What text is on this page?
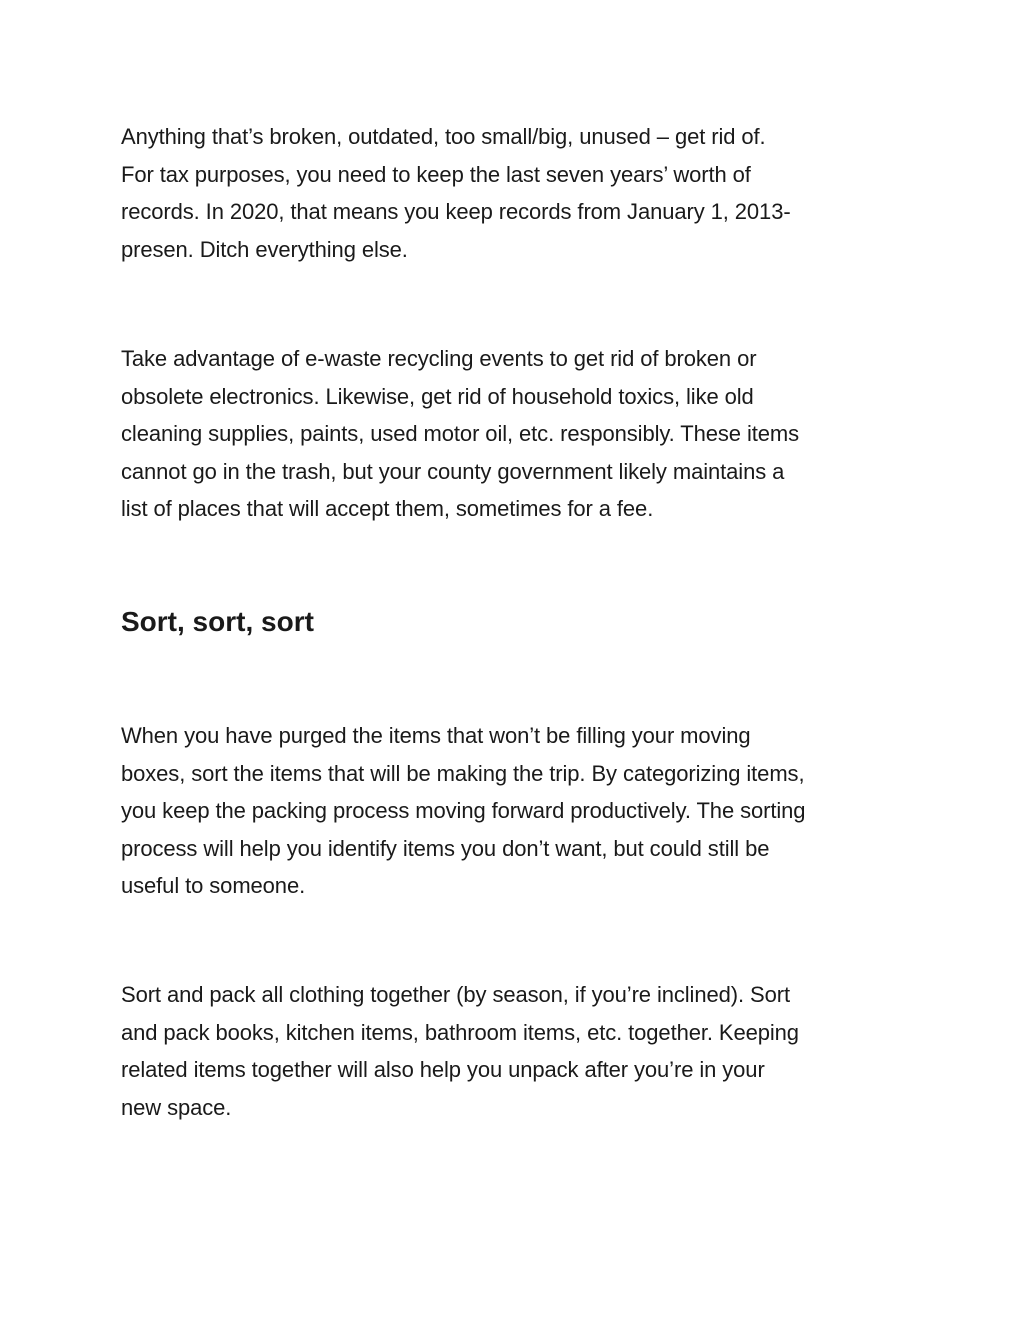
Anything that’s broken, outdated, too small/big, unused – get rid of.
For tax purposes, you need to keep the last seven years’ worth of
records. In 2020, that means you keep records from January 1, 2013-
presen. Ditch everything else.

Take advantage of e-waste recycling events to get rid of broken or
obsolete electronics. Likewise, get rid of household toxics, like old
cleaning supplies, paints, used motor oil, etc. responsibly. These items
cannot go in the trash, but your county government likely maintains a
list of places that will accept them, sometimes for a fee.

Sort, sort, sort

When you have purged the items that won’t be filling your moving
boxes, sort the items that will be making the trip. By categorizing items,
you keep the packing process moving forward productively. The sorting
process will help you identify items you don’t want, but could still be
useful to someone.

Sort and pack all clothing together (by season, if you’re inclined). Sort
and pack books, kitchen items, bathroom items, etc. together. Keeping
related items together will also help you unpack after you’re in your
new space.
